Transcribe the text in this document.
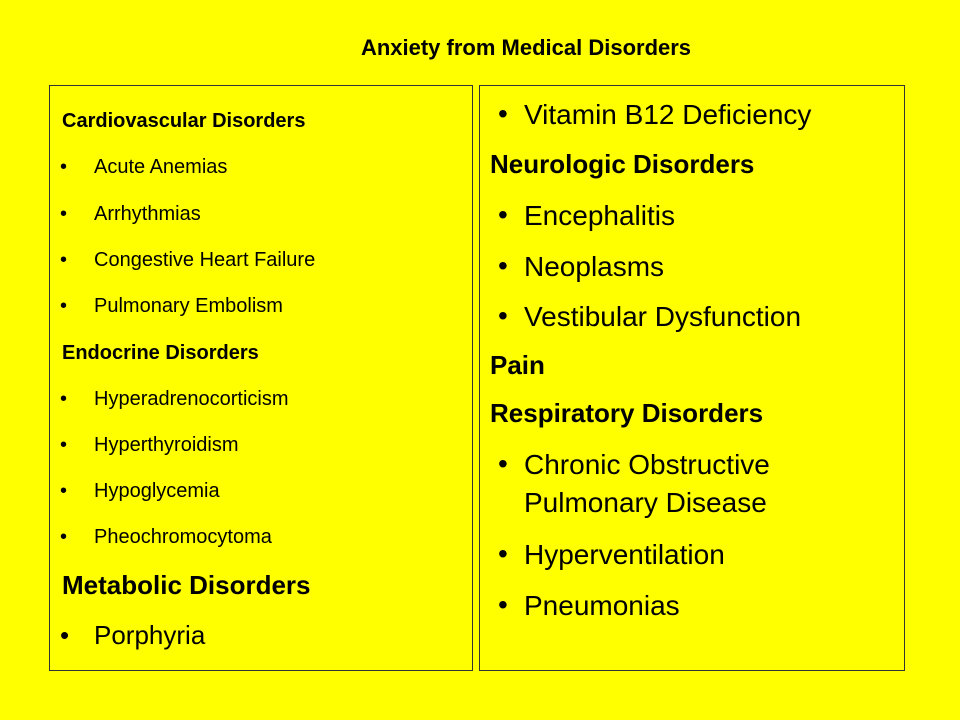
Anxiety from Medical Disorders
Cardiovascular Disorders
• Acute Anemias
• Arrhythmias
• Congestive Heart Failure
• Pulmonary Embolism
Endocrine Disorders
• Hyperadrenocorticism
• Hyperthyroidism
• Hypoglycemia
• Pheochromocytoma
Metabolic Disorders
• Porphyria
• Vitamin B12 Deficiency
Neurologic Disorders
• Encephalitis
• Neoplasms
• Vestibular Dysfunction
Pain
Respiratory Disorders
• Chronic Obstructive Pulmonary Disease
• Hyperventilation
• Pneumonias
